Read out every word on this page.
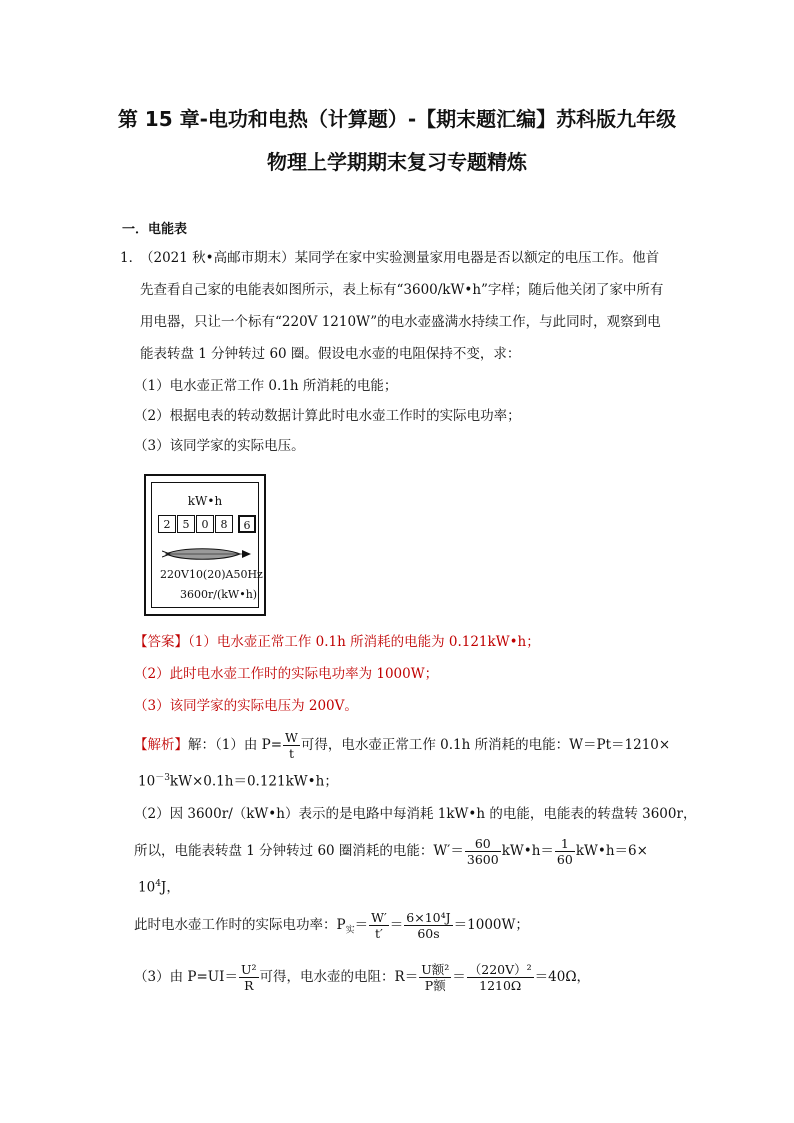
第 15 章-电功和电热（计算题）-【期末题汇编】苏科版九年级
物理上学期期末复习专题精炼
一．电能表
1．
（2021 秋•高邮市期末）某同学在家中实验测量家用电器是否以额定的电压工作。他首
先查看自己家的电能表如图所示，表上标有“3600/kW•h”字样；随后他关闭了家中所有
用电器，只让一个标有“220V 1210W”的电水壶盛满水持续工作，与此同时，观察到电
能表转盘 1 分钟转过 60 圈。假设电水壶的电阻保持不变，求：
（1）电水壶正常工作 0.1h 所消耗的电能；
（2）根据电表的转动数据计算此时电水壶工作时的实际电功率；
（3）该同学家的实际电压。
kW•h
2	5	0	8	6
220V10(20)A50Hz
3600r/(kW•h)
【答案】（1）电水壶正常工作 0.1h 所消耗的电能为 0.121kW•h；
（2）此时电水壶工作时的实际电功率为 1000W；
（3）该同学家的实际电压为 200V。
【解析】解：（1）由 $P= \frac{W}{t}$ 可得，电水壶正常工作 0.1h 所消耗的电能：W＝Pt＝1210×
$10^{-3}kW\times 0.1h=0.121kW•h$；
（2）因 3600r/（kW•h）表示的是电路中每消耗 1kW•h 的电能，电能表的转盘转 3600r，
所以，电能表转盘 1 分钟转过 60 圈消耗的电能：$W'= \frac{60}{3600}$ kW•h＝ $\frac{1}{60}$ kW•h＝6×
$10^4J$，
此时电水壶工作时的实际电功率：$P_实= \frac{W'}{t'} = \frac{\text{6×10⁴J}}{60s} =1000W$；
（3）由 $P=UI= \frac{\text{U²}}{R}$ 可得，电水壶的电阻：$R= \frac{\text{U额²}}{\text{P额}} = \frac{\text{（220V）²}}{1210\Omega} =40\Omega$，
